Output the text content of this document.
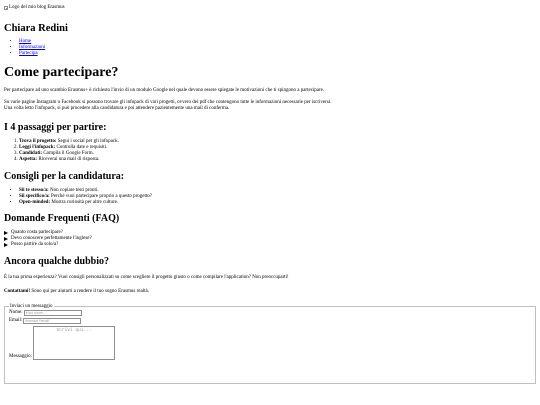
Logo del mio blog Erasmus
Chiara Redini
• Home
• Informazioni
• Partecipa
Come partecipare?

Per partecipare ad uno scambio Erasmus+ è richiesto l'invio di un modulo Google nel quale devono essere spiegate le motivazioni che ti spingono a partecipare.

Su varie pagine Instagram o Facebook si possono trovare gli infopack di vari progetti, ovvero dei pdf che contengono tutte le informazioni necessarie per iscriversi.
Una volta letto l'infopack, si può procedere alla candidatura e poi attendere pazientemente una mail di conferma.

I 4 passaggi per partire:
1. Trova il progetto: Segui i social per gli infopack.
2. Leggi l'infopack: Controlla date e requisiti.
3. Candidati: Compila il Google Form.
4. Aspetta: Riceverai una mail di risposta.
Consigli per la candidatura:
• Sii te stesso/a: Non copiare testi pronti.
• Sii specifico/a: Perché vuoi partecipare proprio a questo progetto?
• Open-minded: Mostra curiosità per altre culture.
Domande Frequenti (FAQ)
Quanto costa partecipare?
Devo conoscere perfettamente l'inglese?
Posso partire da solo/a?
Ancora qualche dubbio?

È la tua prima esperienza? Vuoi consigli personalizzati su come scegliere il progetto giusto o come compilare l'application? Non preoccuparti!

Contattami! Sono qui per aiutarti a rendere il tuo sogno Erasmus realtà.

Inviaci un messaggio
Nome:
Il tuo nome...
Email:
Inserisci l'email
Messaggio:
Scrivi qui...
